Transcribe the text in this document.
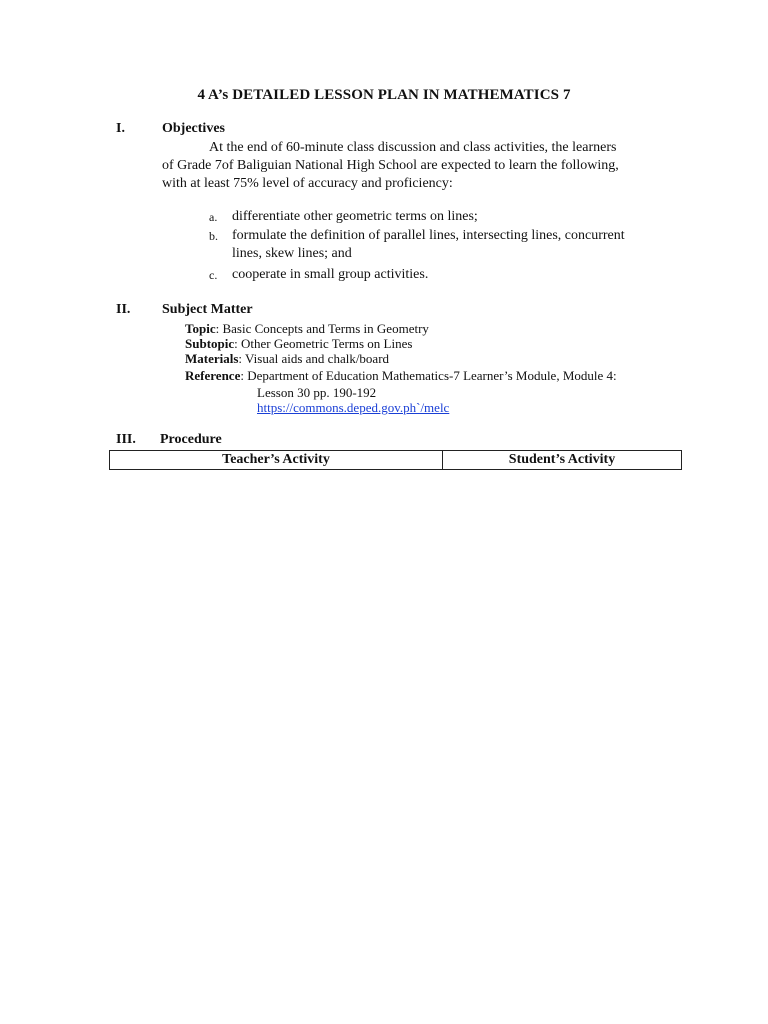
4 A’s DETAILED LESSON PLAN IN MATHEMATICS 7
I.	Objectives
At the end of 60-minute class discussion and class activities, the learners
of Grade 7of Baliguian National High School are expected to learn the following,
with at least 75% level of accuracy and proficiency:
a. differentiate other geometric terms on lines;
b. formulate the definition of parallel lines, intersecting lines, concurrent
lines, skew lines; and
c. cooperate in small group activities.
II. Subject Matter
Topic: Basic Concepts and Terms in Geometry
Subtopic: Other Geometric Terms on Lines
Materials: Visual aids and chalk/board
Reference: Department of Education Mathematics-7 Learner’s Module, Module 4:
Lesson 30 pp. 190-192
https://commons.deped.gov.ph`/melc
III. Procedure
Teacher’s Activity	Student’s Activity
